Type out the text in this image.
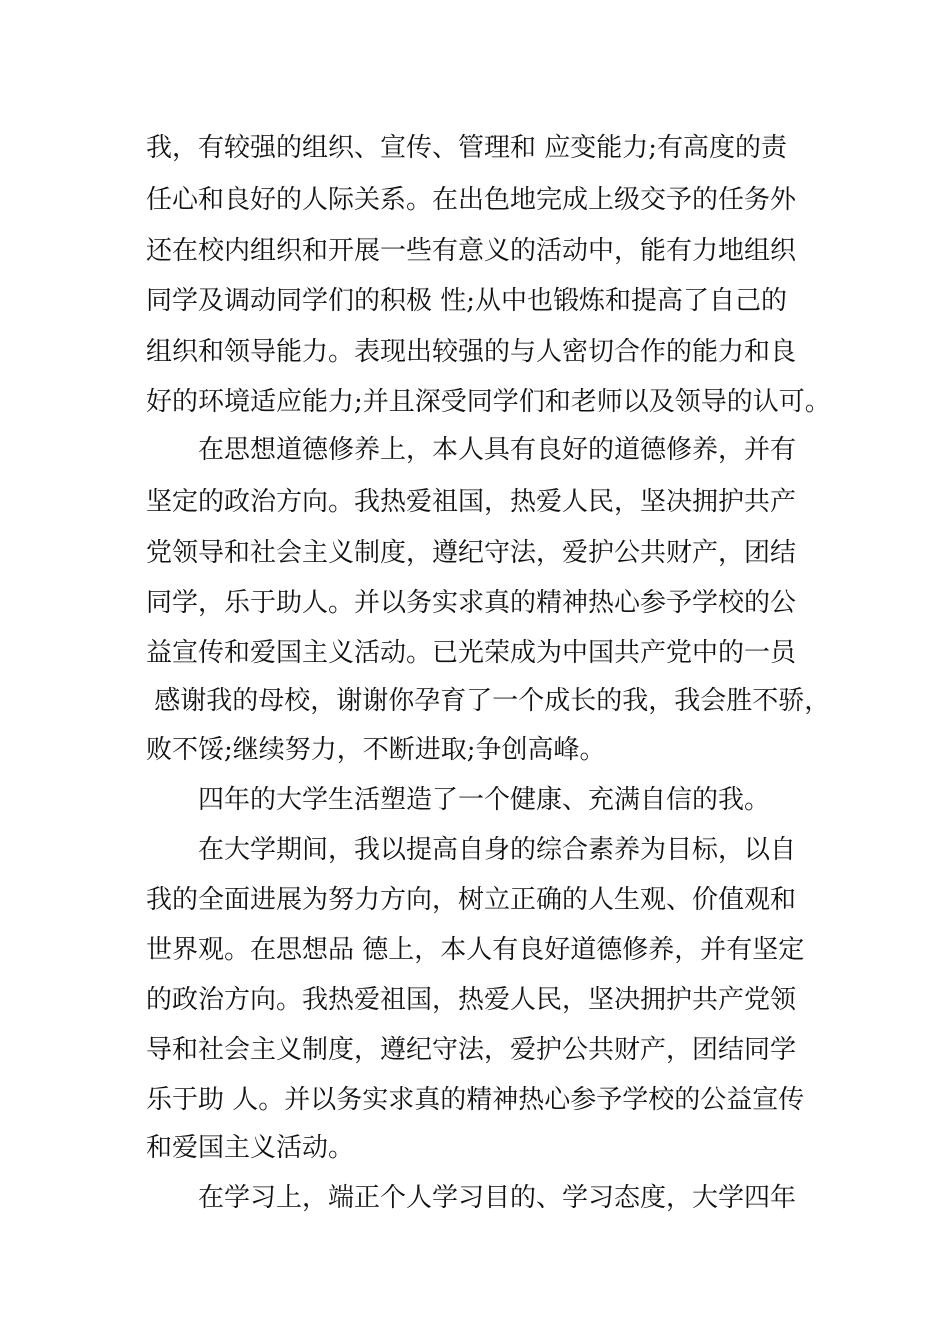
我，有较强的组织、宣传、管理和 应变能力;有高度的责
任心和良好的人际关系。在出色地完成上级交予的任务外
还在校内组织和开展一些有意义的活动中，能有力地组织
同学及调动同学们的积极 性;从中也锻炼和提高了自己的
组织和领导能力。表现出较强的与人密切合作的能力和良
好的环境适应能力;并且深受同学们和老师以及领导的认可。
　　在思想道德修养上，本人具有良好的道德修养，并有
坚定的政治方向。我热爱祖国，热爱人民，坚决拥护共产
党领导和社会主义制度，遵纪守法，爱护公共财产，团结
同学，乐于助人。并以务实求真的精神热心参予学校的公
益宣传和爱国主义活动。已光荣成为中国共产党中的一员
感谢我的母校，谢谢你孕育了一个成长的我，我会胜不骄，
败不馁;继续努力，不断进取;争创高峰。
　　四年的大学生活塑造了一个健康、充满自信的我。
　　在大学期间，我以提高自身的综合素养为目标，以自
我的全面进展为努力方向，树立正确的人生观、价值观和
世界观。在思想品 德上，本人有良好道德修养，并有坚定
的政治方向。我热爱祖国，热爱人民，坚决拥护共产党领
导和社会主义制度，遵纪守法，爱护公共财产，团结同学
乐于助 人。并以务实求真的精神热心参予学校的公益宣传
和爱国主义活动。
　　在学习上，端正个人学习目的、学习态度，大学四年
